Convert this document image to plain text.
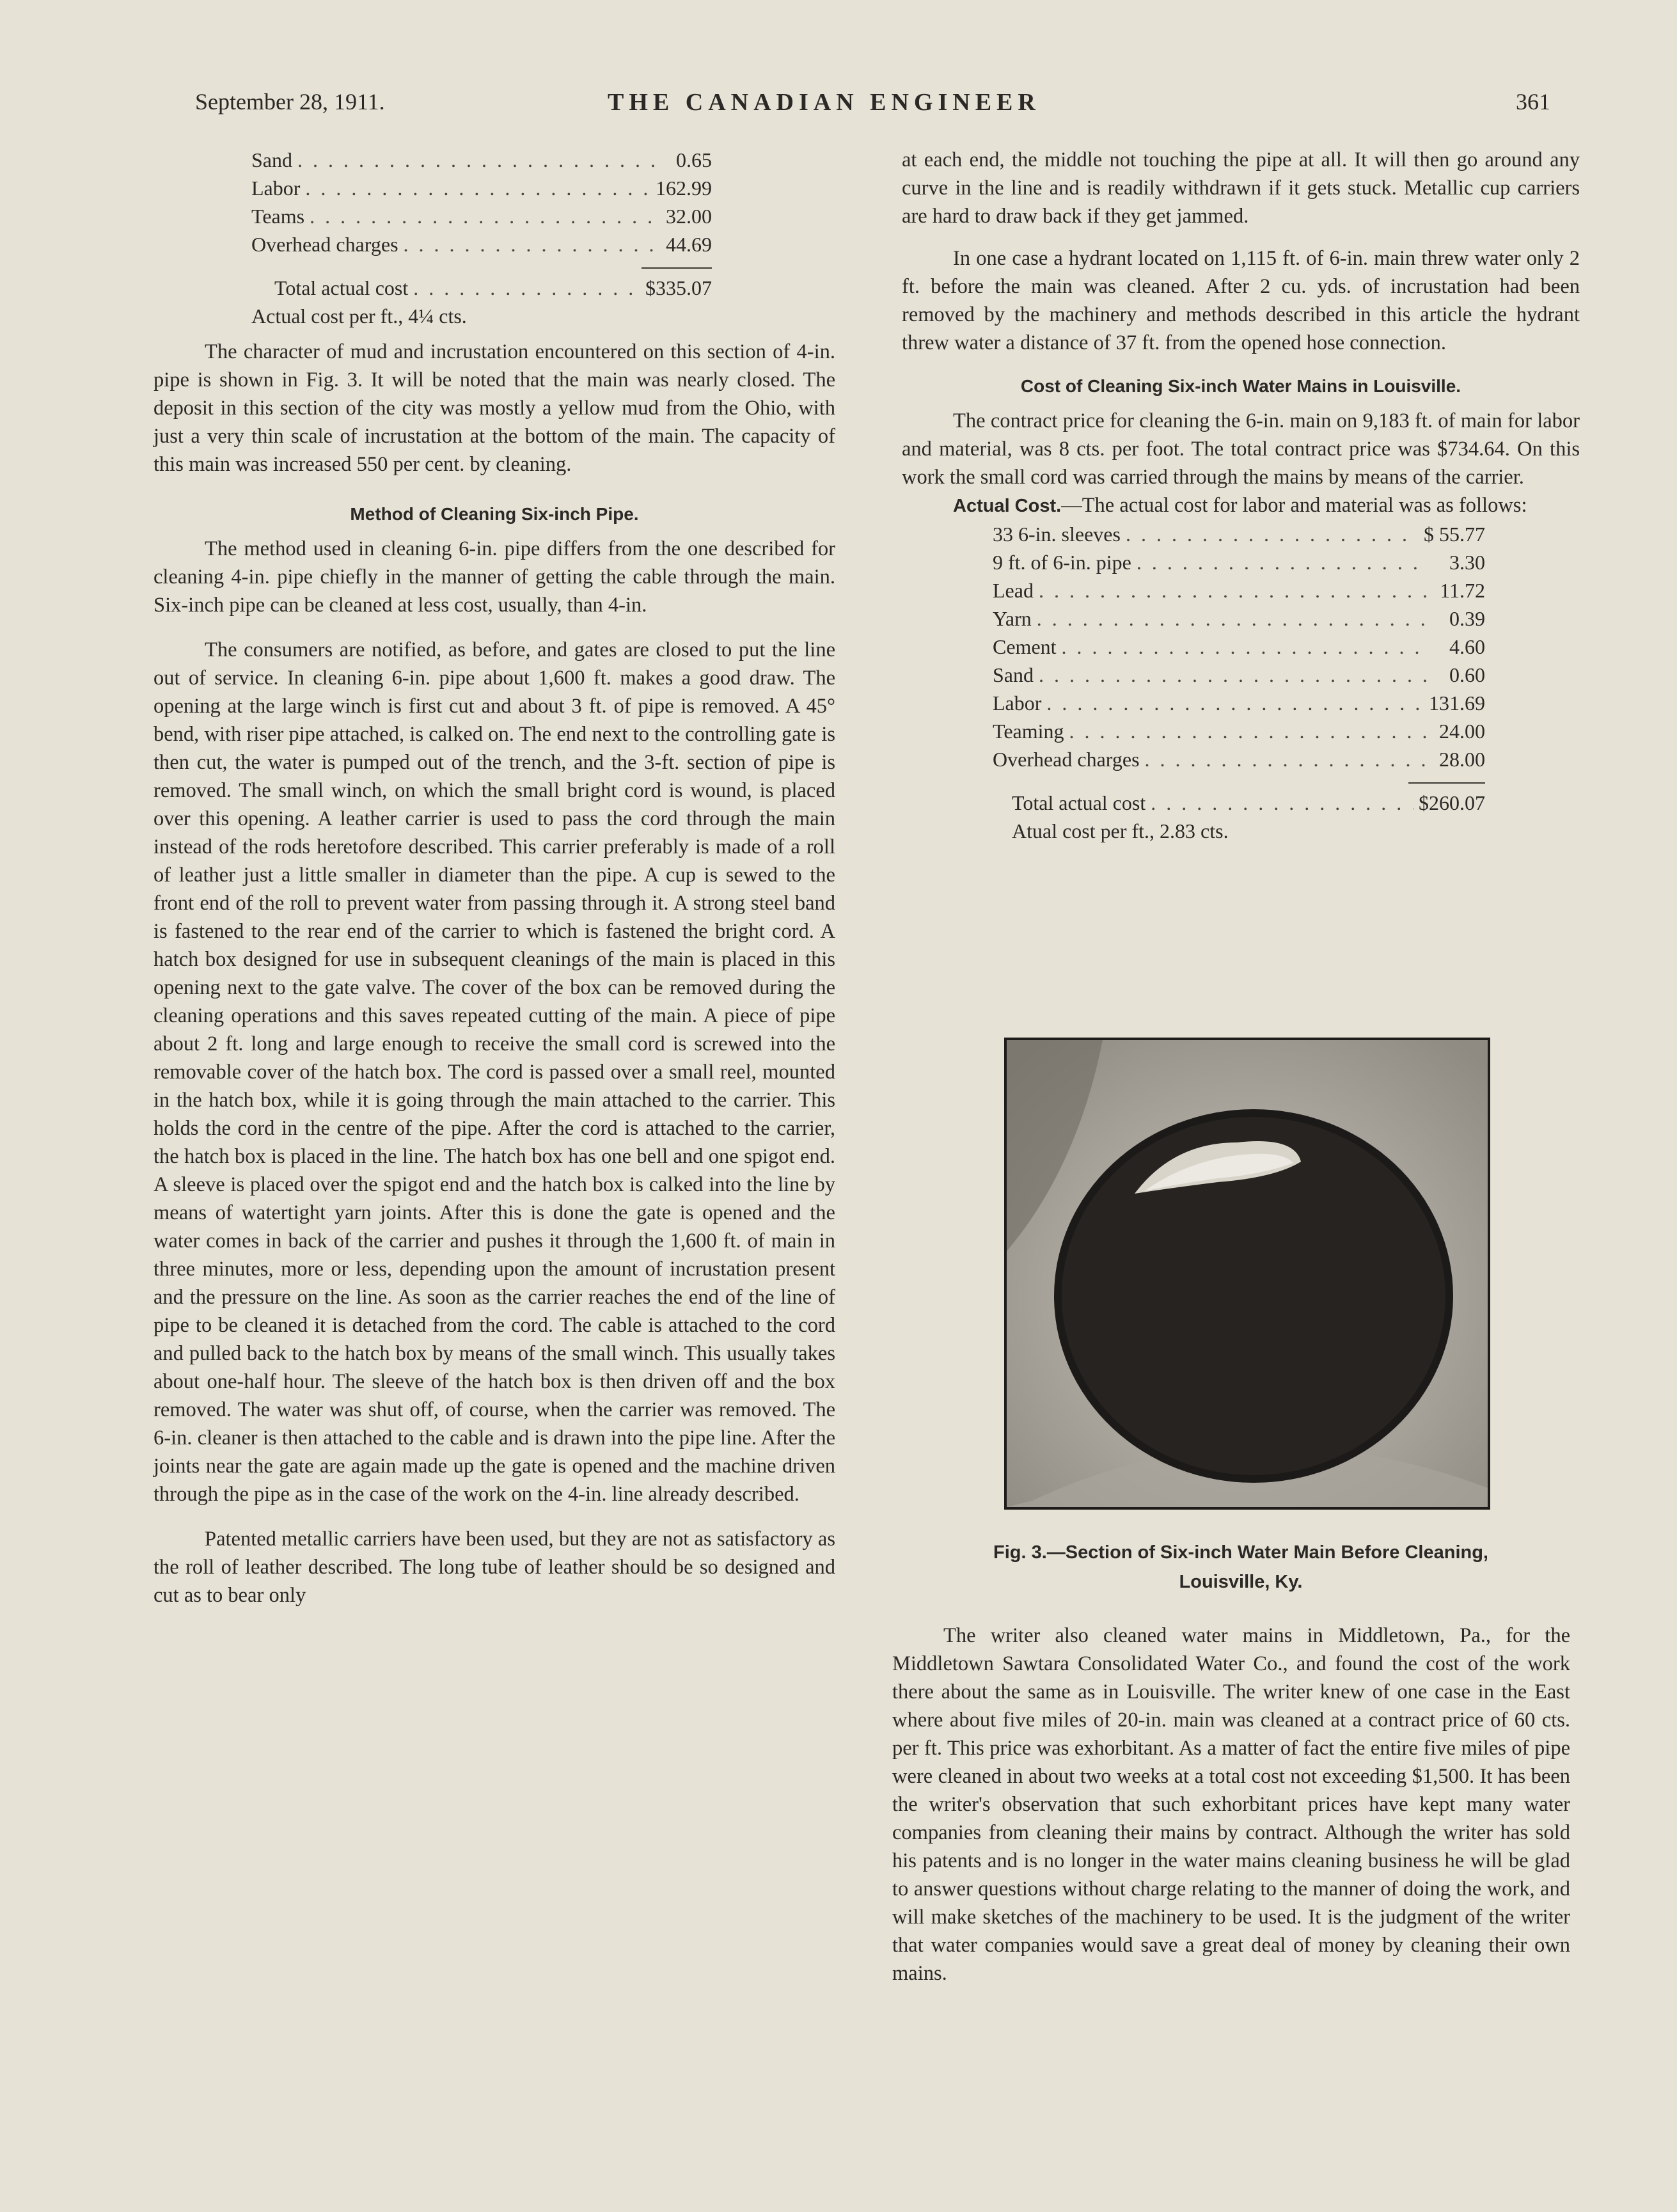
September 28, 1911.	THE CANADIAN ENGINEER	361
Sand . . .	0.65
Labor . . .	162.99
Teams . . .	32.00
Overhead charges . . .	44.69
Total actual cost . . .	$335.07
Actual cost per ft., 4¼ cts.

The character of mud and incrustation encountered on this section of 4-in. pipe is shown in Fig. 3. It will be noted that the main was nearly closed. The deposit in this section of the city was mostly a yellow mud from the Ohio, with just a very thin scale of incrustation at the bottom of the main. The capacity of this main was increased 550 per cent. by cleaning.

Method of Cleaning Six-inch Pipe.

The method used in cleaning 6-in. pipe differs from the one described for cleaning 4-in. pipe chiefly in the manner of getting the cable through the main. Six-inch pipe can be cleaned at less cost, usually, than 4-in.

The consumers are notified, as before, and gates are closed to put the line out of service. In cleaning 6-in. pipe about 1,600 ft. makes a good draw. The opening at the large winch is first cut and about 3 ft. of pipe is removed. A 45° bend, with riser pipe attached, is calked on. The end next to the controlling gate is then cut, the water is pumped out of the trench, and the 3-ft. section of pipe is removed. The small winch, on which the small bright cord is wound, is placed over this opening. A leather carrier is used to pass the cord through the main instead of the rods heretofore described. This carrier preferably is made of a roll of leather just a little smaller in diameter than the pipe. A cup is sewed to the front end of the roll to prevent water from passing through it. A strong steel band is fastened to the rear end of the carrier to which is fastened the bright cord. A hatch box designed for use in subsequent cleanings of the main is placed in this opening next to the gate valve. The cover of the box can be removed during the cleaning operations and this saves repeated cutting of the main. A piece of pipe about 2 ft. long and large enough to receive the small cord is screwed into the removable cover of the hatch box. The cord is passed over a small reel, mounted in the hatch box, while it is going through the main attached to the carrier. This holds the cord in the centre of the pipe. After the cord is attached to the carrier, the hatch box is placed in the line. The hatch box has one bell and one spigot end. A sleeve is placed over the spigot end and the hatch box is calked into the line by means of watertight yarn joints. After this is done the gate is opened and the water comes in back of the carrier and pushes it through the 1,600 ft. of main in three minutes, more or less, depending upon the amount of incrustation present and the pressure on the line. As soon as the carrier reaches the end of the line of pipe to be cleaned it is detached from the cord. The cable is attached to the cord and pulled back to the hatch box by means of the small winch. This usually takes about one-half hour. The sleeve of the hatch box is then driven off and the box removed. The water was shut off, of course, when the carrier was removed. The 6-in. cleaner is then attached to the cable and is drawn into the pipe line. After the joints near the gate are again made up the gate is opened and the machine driven through the pipe as in the case of the work on the 4-in. line already described.

Patented metallic carriers have been used, but they are not as satisfactory as the roll of leather described. The long tube of leather should be so designed and cut as to bear only

at each end, the middle not touching the pipe at all. It will then go around any curve in the line and is readily withdrawn if it gets stuck. Metallic cup carriers are hard to draw back if they get jammed.

In one case a hydrant located on 1,115 ft. of 6-in. main threw water only 2 ft. before the main was cleaned. After 2 cu. yds. of incrustation had been removed by the machinery and methods described in this article the hydrant threw water a distance of 37 ft. from the opened hose connection.

Cost of Cleaning Six-inch Water Mains in Louisville.

The contract price for cleaning the 6-in. main on 9,183 ft. of main for labor and material, was 8 cts. per foot. The total contract price was $734.64. On this work the small cord was carried through the mains by means of the carrier.

Actual Cost.—The actual cost for labor and material was as follows:

33 6-in. sleeves . . .	$ 55.77
9 ft. of 6-in. pipe . . .	3.30
Lead . . .	11.72
Yarn . . .	0.39
Cement . . .	4.60
Sand . . .	0.60
Labor . . .	131.69
Teaming . . .	24.00
Overhead charges . . .	28.00
Total actual cost . . .	$260.07
Atual cost per ft., 2.83 cts.
Fig. 3.—Section of Six-inch Water Main Before Cleaning,
Louisville, Ky.

The writer also cleaned water mains in Middletown, Pa., for the Middletown Sawtara Consolidated Water Co., and found the cost of the work there about the same as in Louisville. The writer knew of one case in the East where about five miles of 20-in. main was cleaned at a contract price of 60 cts. per ft. This price was exhorbitant. As a matter of fact the entire five miles of pipe were cleaned in about two weeks at a total cost not exceeding $1,500. It has been the writer's observation that such exhorbitant prices have kept many water companies from cleaning their mains by contract. Although the writer has sold his patents and is no longer in the water mains cleaning business he will be glad to answer questions without charge relating to the manner of doing the work, and will make sketches of the machinery to be used. It is the judgment of the writer that water companies would save a great deal of money by cleaning their own mains.
